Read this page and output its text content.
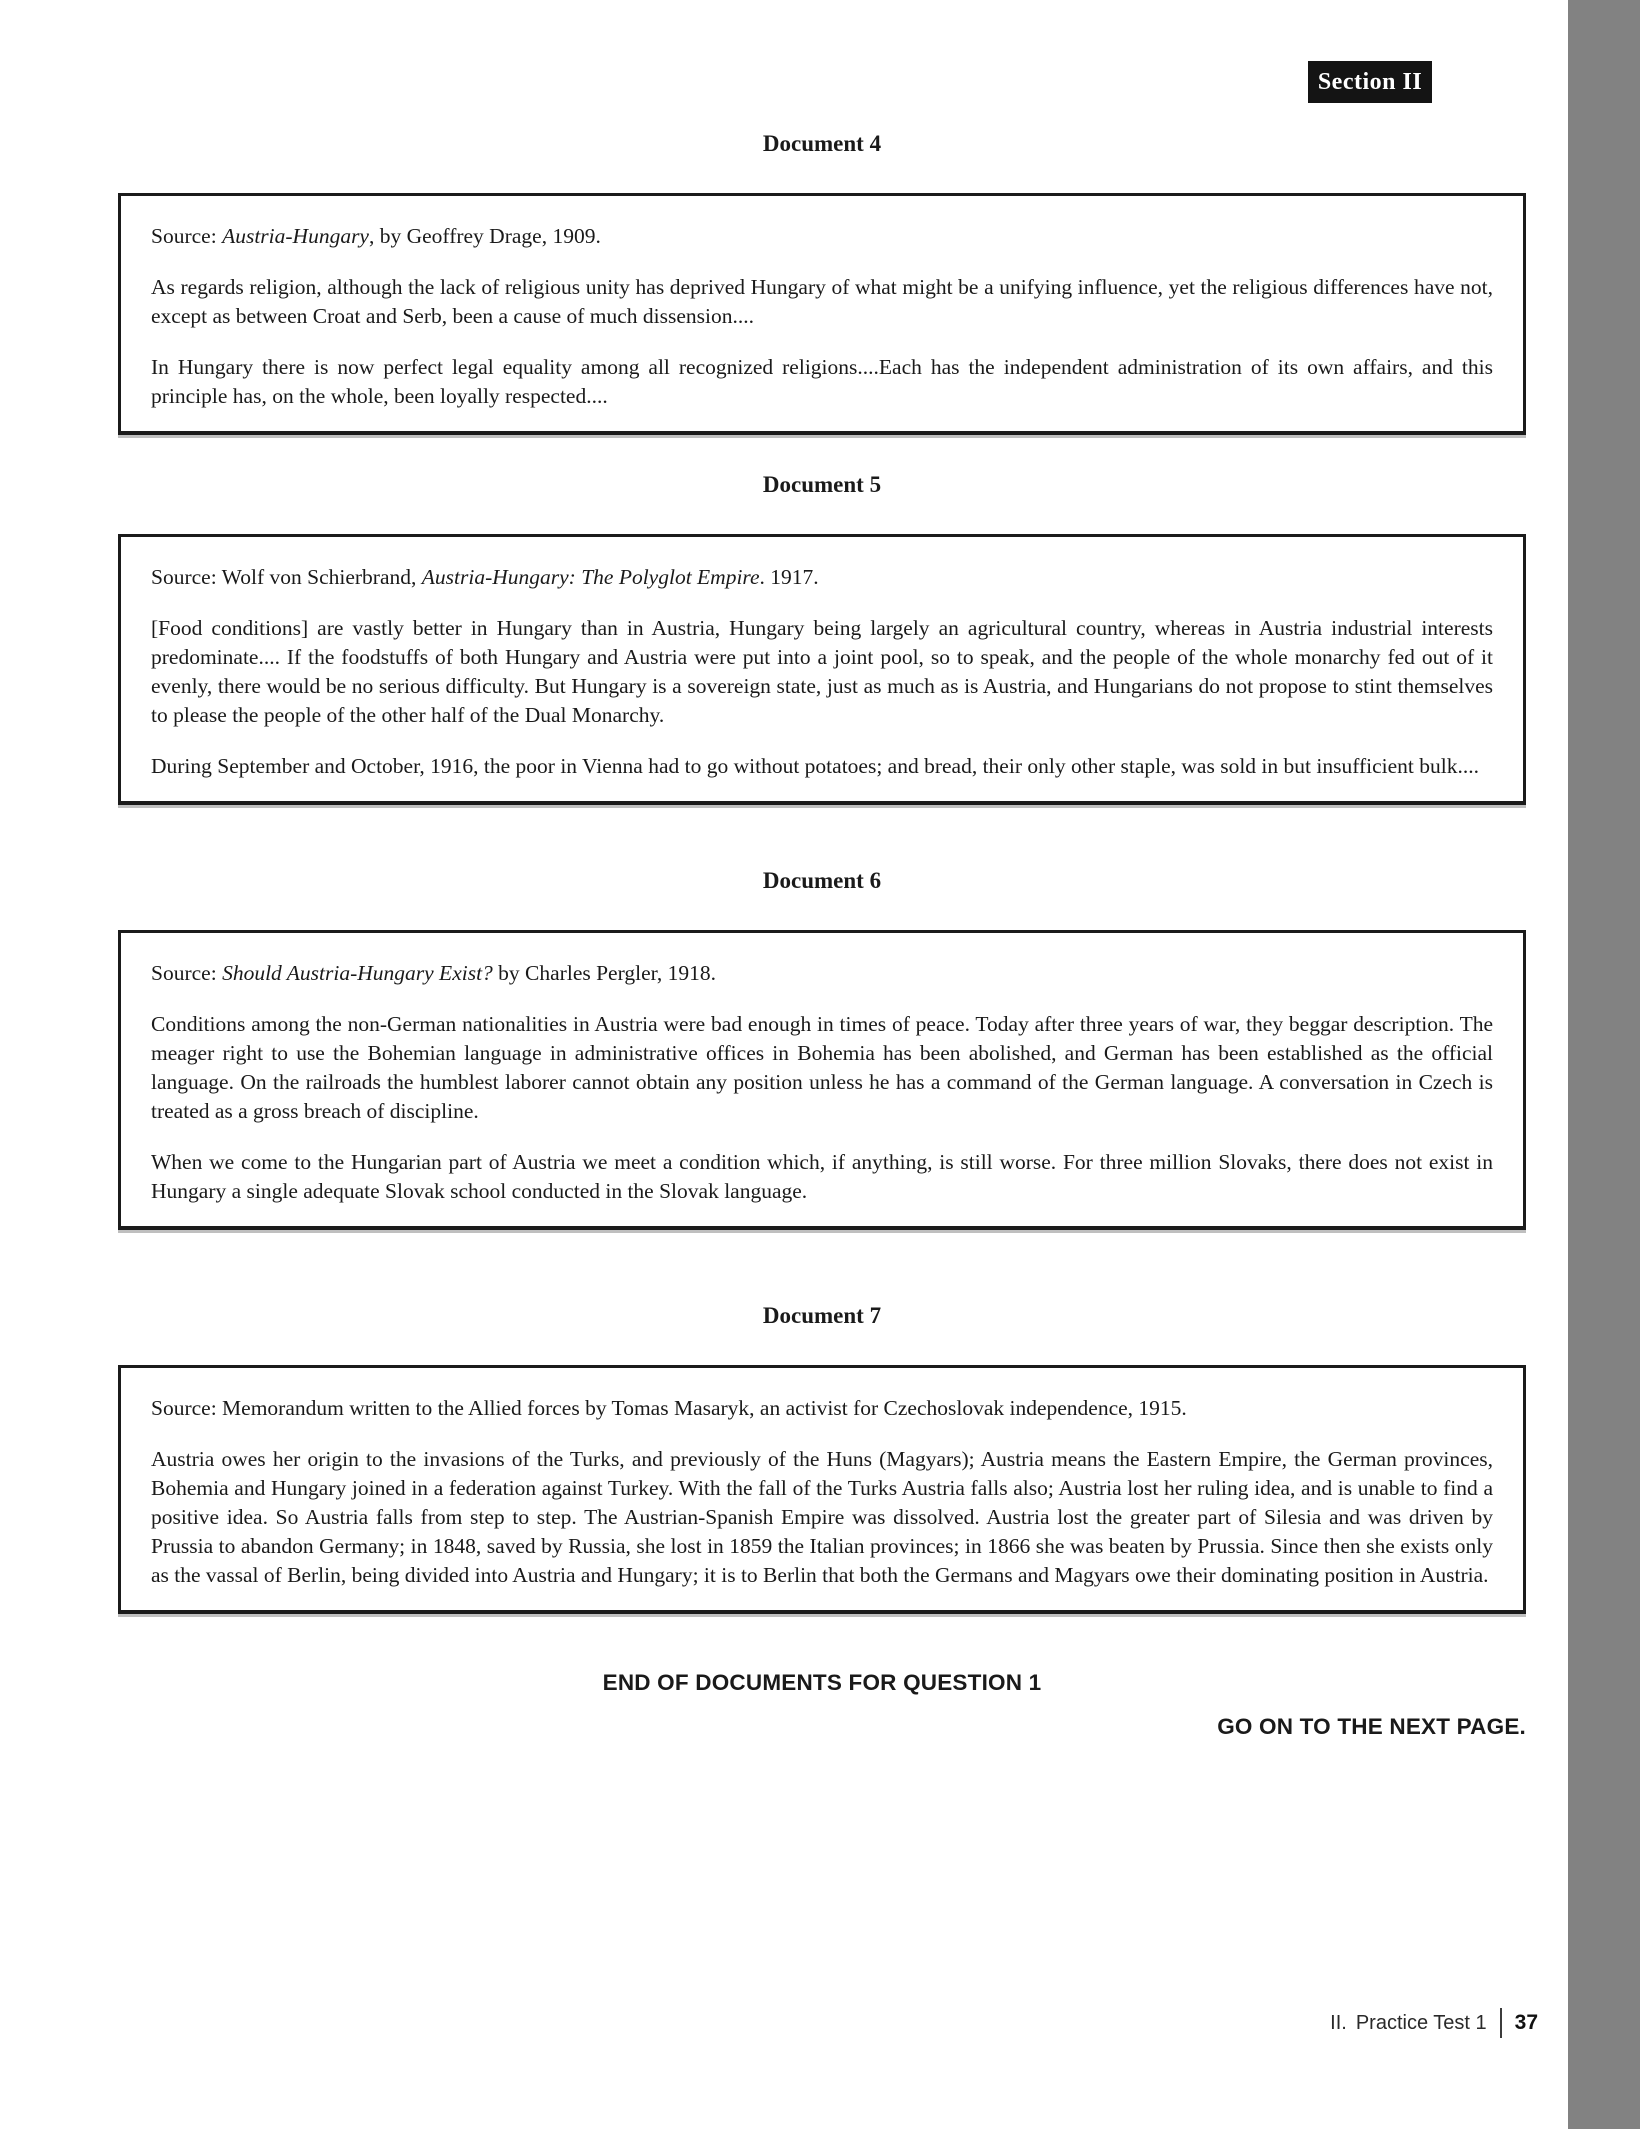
Section II
Document 4

Source: Austria-Hungary, by Geoffrey Drage, 1909.

As regards religion, although the lack of religious unity has deprived Hungary of what might be a unifying influence, yet the religious differences have not, except as between Croat and Serb, been a cause of much dissension....

In Hungary there is now perfect legal equality among all recognized religions....Each has the independent administration of its own affairs, and this principle has, on the whole, been loyally respected....

Document 5

Source: Wolf von Schierbrand, Austria-Hungary: The Polyglot Empire. 1917.

[Food conditions] are vastly better in Hungary than in Austria, Hungary being largely an agricultural country, whereas in Austria industrial interests predominate.... If the foodstuffs of both Hungary and Austria were put into a joint pool, so to speak, and the people of the whole monarchy fed out of it evenly, there would be no serious difficulty. But Hungary is a sovereign state, just as much as is Austria, and Hungarians do not propose to stint themselves to please the people of the other half of the Dual Monarchy.

During September and October, 1916, the poor in Vienna had to go without potatoes; and bread, their only other staple, was sold in but insufficient bulk....

Document 6

Source: Should Austria-Hungary Exist? by Charles Pergler, 1918.

Conditions among the non-German nationalities in Austria were bad enough in times of peace. Today after three years of war, they beggar description. The meager right to use the Bohemian language in administrative offices in Bohemia has been abolished, and German has been established as the official language. On the railroads the humblest laborer cannot obtain any position unless he has a command of the German language. A conversation in Czech is treated as a gross breach of discipline.

When we come to the Hungarian part of Austria we meet a condition which, if anything, is still worse. For three million Slovaks, there does not exist in Hungary a single adequate Slovak school conducted in the Slovak language.

Document 7

Source: Memorandum written to the Allied forces by Tomas Masaryk, an activist for Czechoslovak independence, 1915.

Austria owes her origin to the invasions of the Turks, and previously of the Huns (Magyars); Austria means the Eastern Empire, the German provinces, Bohemia and Hungary joined in a federation against Turkey. With the fall of the Turks Austria falls also; Austria lost her ruling idea, and is unable to find a positive idea. So Austria falls from step to step. The Austrian-Spanish Empire was dissolved. Austria lost the greater part of Silesia and was driven by Prussia to abandon Germany; in 1848, saved by Russia, she lost in 1859 the Italian provinces; in 1866 she was beaten by Prussia. Since then she exists only as the vassal of Berlin, being divided into Austria and Hungary; it is to Berlin that both the Germans and Magyars owe their dominating position in Austria.

END OF DOCUMENTS FOR QUESTION 1
GO ON TO THE NEXT PAGE.
II. Practice Test 1 37
